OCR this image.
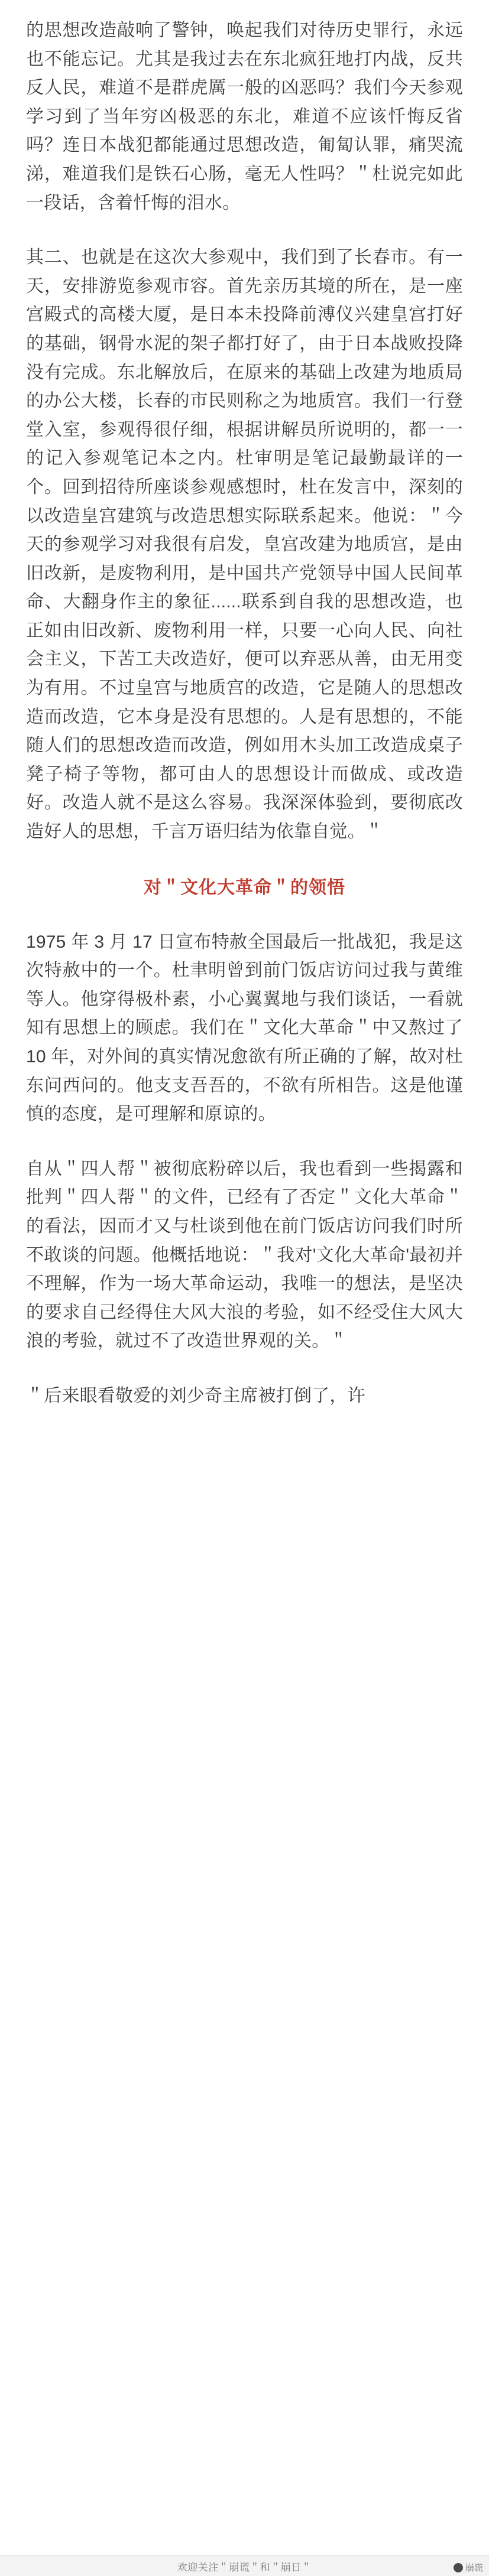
的思想改造敲响了警钟，唤起我们对待历史罪行，永远也不能忘记。尤其是我过去在东北疯狂地打内战，反共反人民，难道不是群虎厲一般的凶恶吗？我们今天参观学习到了当年穷凶极恶的东北，难道不应该忏悔反省吗？连日本战犯都能通过思想改造，匍匐认罪，痛哭流涕，难道我们是铁石心肠，毫无人性吗？＂杜说完如此一段话，含着忏悔的泪水。

其二、也就是在这次大参观中，我们到了长春市。有一天，安排游览参观市容。首先亲历其境的所在，是一座宫殿式的高楼大厦，是日本未投降前溥仪兴建皇宫打好的基础，钢骨水泥的架子都打好了，由于日本战败投降没有完成。东北解放后，在原来的基础上改建为地质局的办公大楼，长春的市民则称之为地质宫。我们一行登堂入室，参观得很仔细，根据讲解员所说明的，都一一的记入参观笔记本之内。杜审明是笔记最勤最详的一个。回到招待所座谈参观感想时，杜在发言中，深刻的以改造皇宫建筑与改造思想实际联系起来。他说：＂今天的参观学习对我很有启发，皇宫改建为地质宫，是由旧改新，是废物利用，是中国共产党领导中国人民间革命、大翻身作主的象征......联系到自我的思想改造，也正如由旧改新、废物利用一样，只要一心向人民、向社会主义，下苦工夫改造好，便可以弃恶从善，由无用变为有用。不过皇宫与地质宫的改造，它是随人的思想改造而改造，它本身是没有思想的。人是有思想的，不能随人们的思想改造而改造，例如用木头加工改造成桌子凳子椅子等物，都可由人的思想设计而做成、或改造好。改造人就不是这么容易。我深深体验到，要彻底改造好人的思想，千言万语归结为依靠自觉。＂

对＂文化大革命＂的领悟

1975 年 3 月 17 日宣布特赦全国最后一批战犯，我是这次特赦中的一个。杜聿明曾到前门饭店访问过我与黄维等人。他穿得极朴素，小心翼翼地与我们谈话，一看就知有思想上的顾虑。我们在＂文化大革命＂中又熬过了 10 年，对外间的真实情况愈欲有所正确的了解，故对杜东问西问的。他支支吾吾的，不欲有所相告。这是他谨慎的态度，是可理解和原谅的。

自从＂四人帮＂被彻底粉碎以后，我也看到一些揭露和批判＂四人帮＂的文件，已经有了否定＂文化大革命＂的看法，因而才又与杜谈到他在前门饭店访问我们时所不敢谈的问题。他概括地说：＂我对'文化大革命'最初并不理解，作为一场大革命运动，我唯一的想法，是坚决的要求自己经得住大风大浪的考验，如不经受住大风大浪的考验，就过不了改造世界观的关。＂

＂后来眼看敬爱的刘少奇主席被打倒了，许

欢迎关注＂崩谎＂和＂崩日＂	崩谎
